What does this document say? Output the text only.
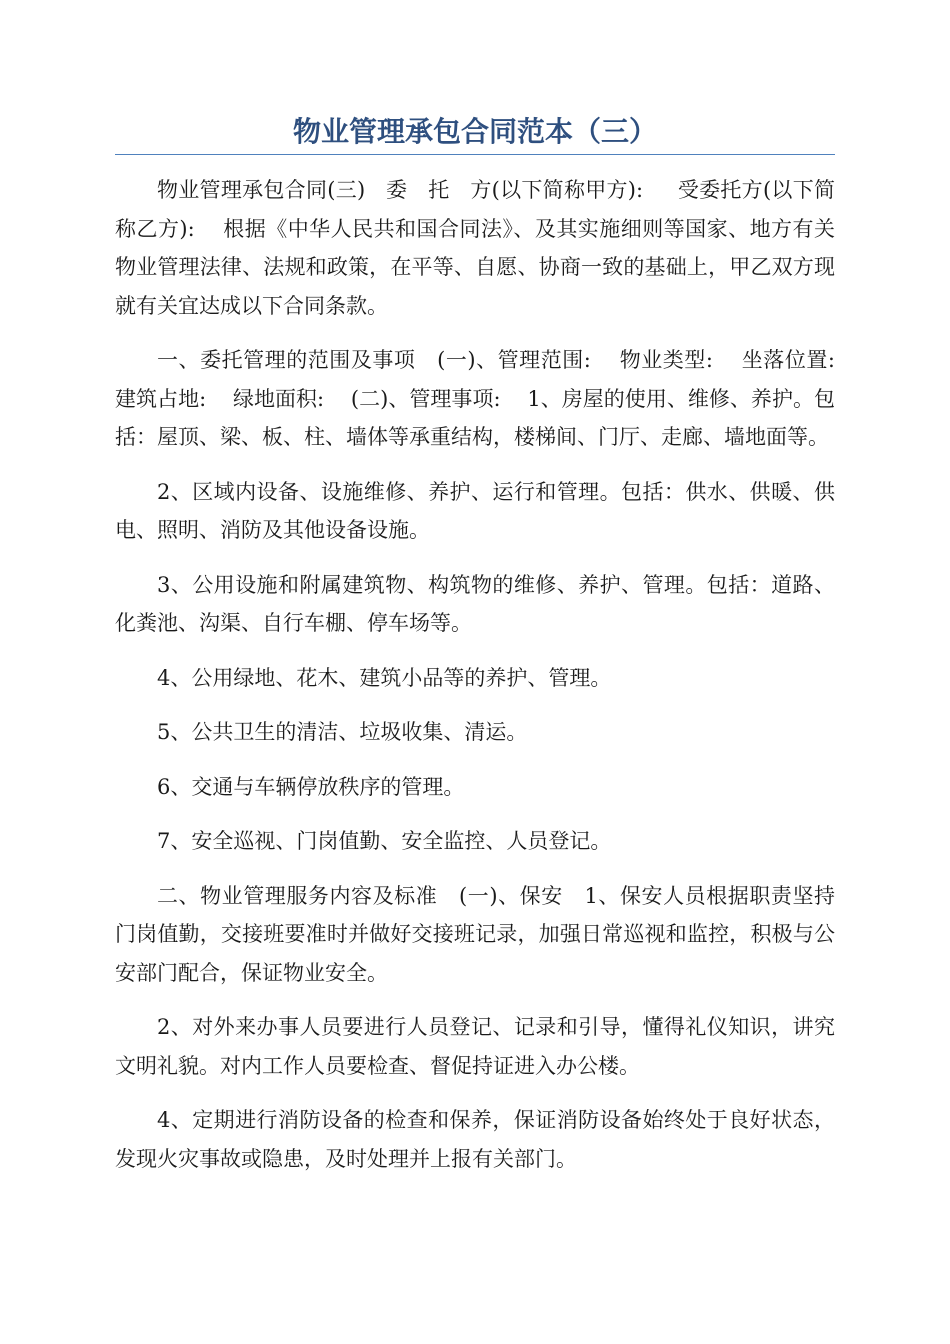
物业管理承包合同范本（三）

物业管理承包合同(三)   委   托   方(以下简称甲方):     受委托方(以下简称乙方):    根据《中华人民共和国合同法》、及其实施细则等国家、地方有关物业管理法律、法规和政策，在平等、自愿、协商一致的基础上，甲乙双方现就有关宜达成以下合同条款。

一、委托管理的范围及事项   (一)、管理范围:    物业类型:    坐落位置:    建筑占地:    绿地面积:    (二)、管理事项:    1、房屋的使用、维修、养护。包括：屋顶、梁、板、柱、墙体等承重结构，楼梯间、门厅、走廊、墙地面等。

2、区域内设备、设施维修、养护、运行和管理。包括：供水、供暖、供电、照明、消防及其他设备设施。

3、公用设施和附属建筑物、构筑物的维修、养护、管理。包括：道路、化粪池、沟渠、自行车棚、停车场等。

4、公用绿地、花木、建筑小品等的养护、管理。

5、公共卫生的清洁、垃圾收集、清运。

6、交通与车辆停放秩序的管理。

7、安全巡视、门岗值勤、安全监控、人员登记。

二、物业管理服务内容及标准   (一)、保安   1、保安人员根据职责坚持门岗值勤，交接班要准时并做好交接班记录，加强日常巡视和监控，积极与公安部门配合，保证物业安全。

2、对外来办事人员要进行人员登记、记录和引导，懂得礼仪知识，讲究文明礼貌。对内工作人员要检查、督促持证进入办公楼。

4、定期进行消防设备的检查和保养，保证消防设备始终处于良好状态，发现火灾事故或隐患，及时处理并上报有关部门。
